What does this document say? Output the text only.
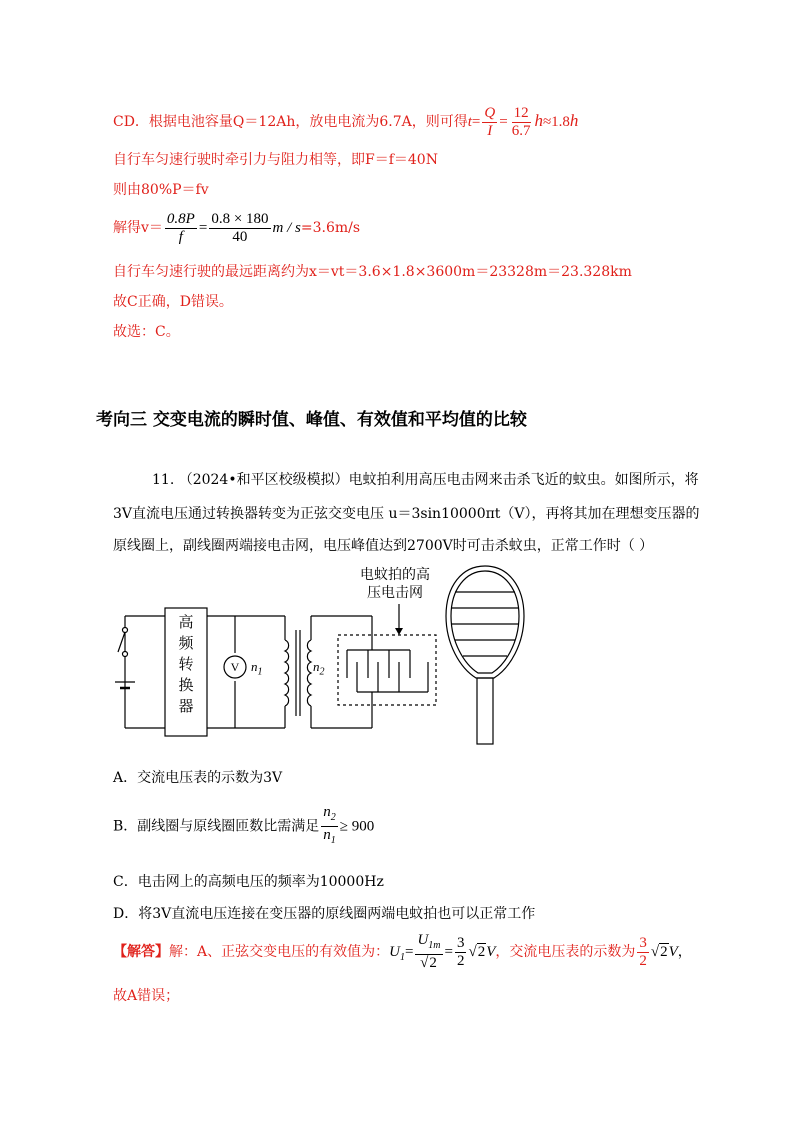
CD．根据电池容量Q＝12Ah，放电电流为6.7A，则可得$t= \frac{Q}{I} = \frac{12}{6.7} h\approx 1.8h$
自行车匀速行驶时牵引力与阻力相等，即F＝f＝40N
则由80%P＝fv
解得$v= \frac{0.8P}{f} = \frac{0.8 \times 180}{40}$ m / s=3.6m/s
自行车匀速行驶的最远距离约为x＝vt＝3.6×1.8×3600m＝23328m＝23.328km
故C正确，D错误。
故选：C。
考向三 交变电流的瞬时值、峰值、有效值和平均值的比较
11. （2024•和平区校级模拟）电蚊拍利用高压电击网来击杀飞近的蚊虫。如图所示，将
3V直流电压通过转换器转变为正弦交变电压 u＝3sin10000πt（V），再将其加在理想变压器的
原线圈上，副线圈两端接电击网，电压峰值达到2700V时可击杀蚊虫，正常工作时（ ）
电蚊拍的高
压电击网
高
频
转
换
器
V $n_1$	$n_2$
A．交流电压表的示数为3V
B．副线圈与原线圈匝数比需满足 $\frac{n_2}{n_1} \ge 900$
C．电击网上的高频电压的频率为10000Hz
D．将3V直流电压连接在变压器的原线圈两端电蚊拍也可以正常工作
【解答】解：A、正弦交变电压的有效值为：$U_1= \frac{U_{1m}}{√2} = \frac{3}{2} √2V$，交流电压表的示数为 $\frac{3}{2} √2V$，
故A错误；
